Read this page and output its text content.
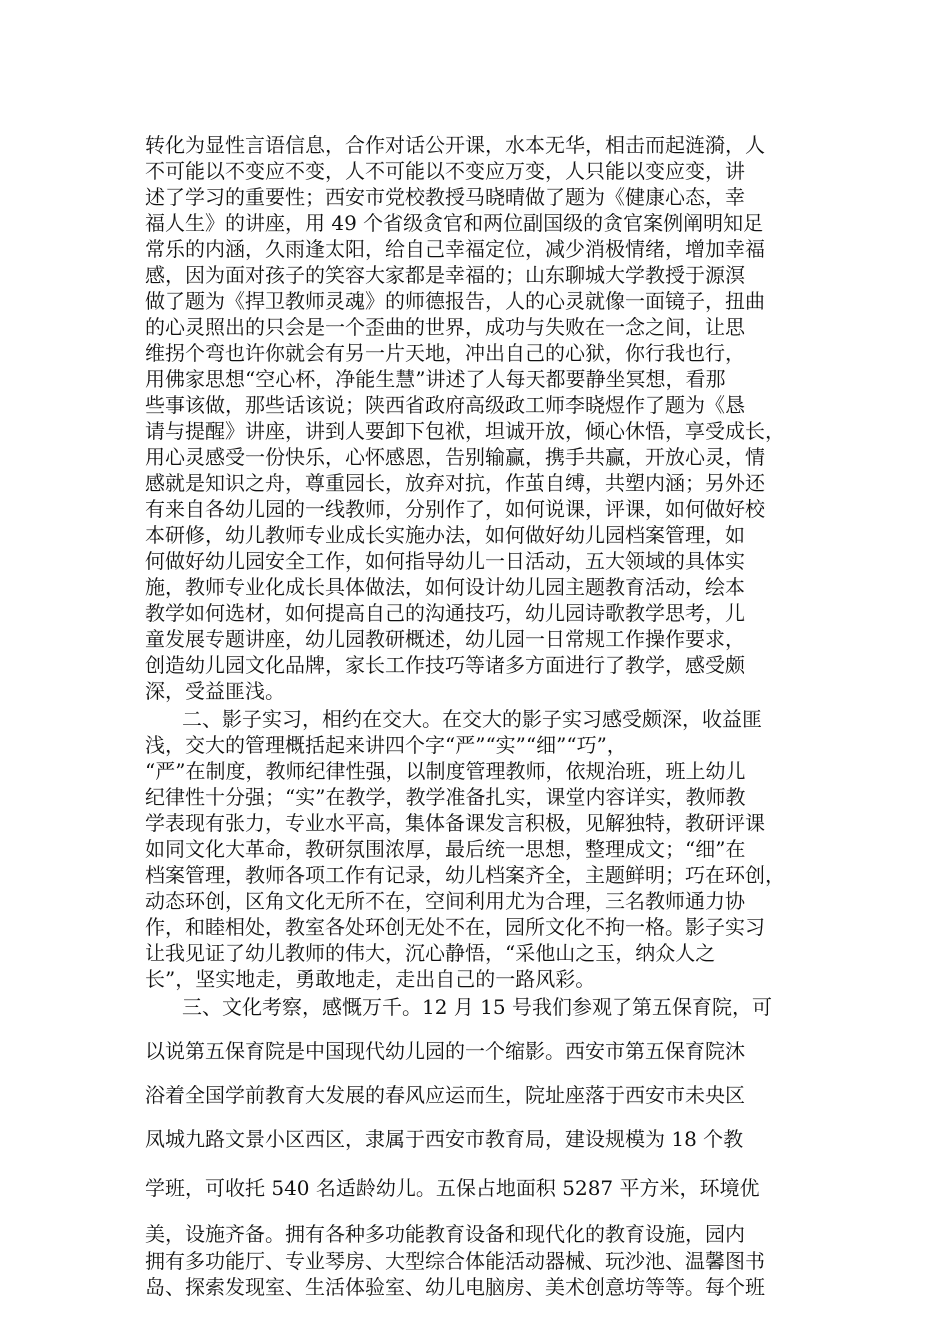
转化为显性言语信息，合作对话公开课，水本无华，相击而起涟漪，人
不可能以不变应不变，人不可能以不变应万变，人只能以变应变，讲
述了学习的重要性；西安市党校教授马晓晴做了题为《健康心态，幸
福人生》的讲座，用 49 个省级贪官和两位副国级的贪官案例阐明知足
常乐的内涵，久雨逢太阳，给自己幸福定位，减少消极情绪，增加幸福
感，因为面对孩子的笑容大家都是幸福的；山东聊城大学教授于源溟
做了题为《捍卫教师灵魂》的师德报告，人的心灵就像一面镜子，扭曲
的心灵照出的只会是一个歪曲的世界，成功与失败在一念之间，让思
维拐个弯也许你就会有另一片天地，冲出自己的心狱，你行我也行，
用佛家思想“空心杯，净能生慧”讲述了人每天都要静坐冥想，看那
些事该做，那些话该说；陕西省政府高级政工师李晓煜作了题为《恳
请与提醒》讲座，讲到人要卸下包袱，坦诚开放，倾心休悟，享受成长，
用心灵感受一份快乐，心怀感恩，告别输赢，携手共赢，开放心灵，情
感就是知识之舟，尊重园长，放弃对抗，作茧自缚，共塑内涵；另外还
有来自各幼儿园的一线教师，分别作了，如何说课，评课，如何做好校
本研修，幼儿教师专业成长实施办法，如何做好幼儿园档案管理，如
何做好幼儿园安全工作，如何指导幼儿一日活动，五大领域的具体实
施，教师专业化成长具体做法，如何设计幼儿园主题教育活动，绘本
教学如何选材，如何提高自己的沟通技巧，幼儿园诗歌教学思考，儿
童发展专题讲座，幼儿园教研概述，幼儿园一日常规工作操作要求，
创造幼儿园文化品牌，家长工作技巧等诸多方面进行了教学，感受颇
深，受益匪浅。
二、影子实习，相约在交大。在交大的影子实习感受颇深，收益匪
浅，交大的管理概括起来讲四个字“严”“实”“细”“巧”，
“严”在制度，教师纪律性强，以制度管理教师，依规治班，班上幼儿
纪律性十分强；“实”在教学，教学准备扎实，课堂内容详实，教师教
学表现有张力，专业水平高，集体备课发言积极，见解独特，教研评课
如同文化大革命，教研氛围浓厚，最后统一思想，整理成文；“细”在
档案管理，教师各项工作有记录，幼儿档案齐全，主题鲜明；巧在环创，
动态环创，区角文化无所不在，空间利用尤为合理，三名教师通力协
作，和睦相处，教室各处环创无处不在，园所文化不拘一格。影子实习
让我见证了幼儿教师的伟大，沉心静悟，“采他山之玉，纳众人之
长”，坚实地走，勇敢地走，走出自己的一路风彩。
三、文化考察，感慨万千。12 月 15 号我们参观了第五保育院，可
以说第五保育院是中国现代幼儿园的一个缩影。西安市第五保育院沐
浴着全国学前教育大发展的春风应运而生，院址座落于西安市未央区
凤城九路文景小区西区，隶属于西安市教育局，建设规模为 18 个教
学班，可收托 540 名适龄幼儿。五保占地面积 5287 平方米，环境优
美，设施齐备。拥有各种多功能教育设备和现代化的教育设施，园内
拥有多功能厅、专业琴房、大型综合体能活动器械、玩沙池、温馨图书
岛、探索发现室、生活体验室、幼儿电脑房、美术创意坊等等。每个班
